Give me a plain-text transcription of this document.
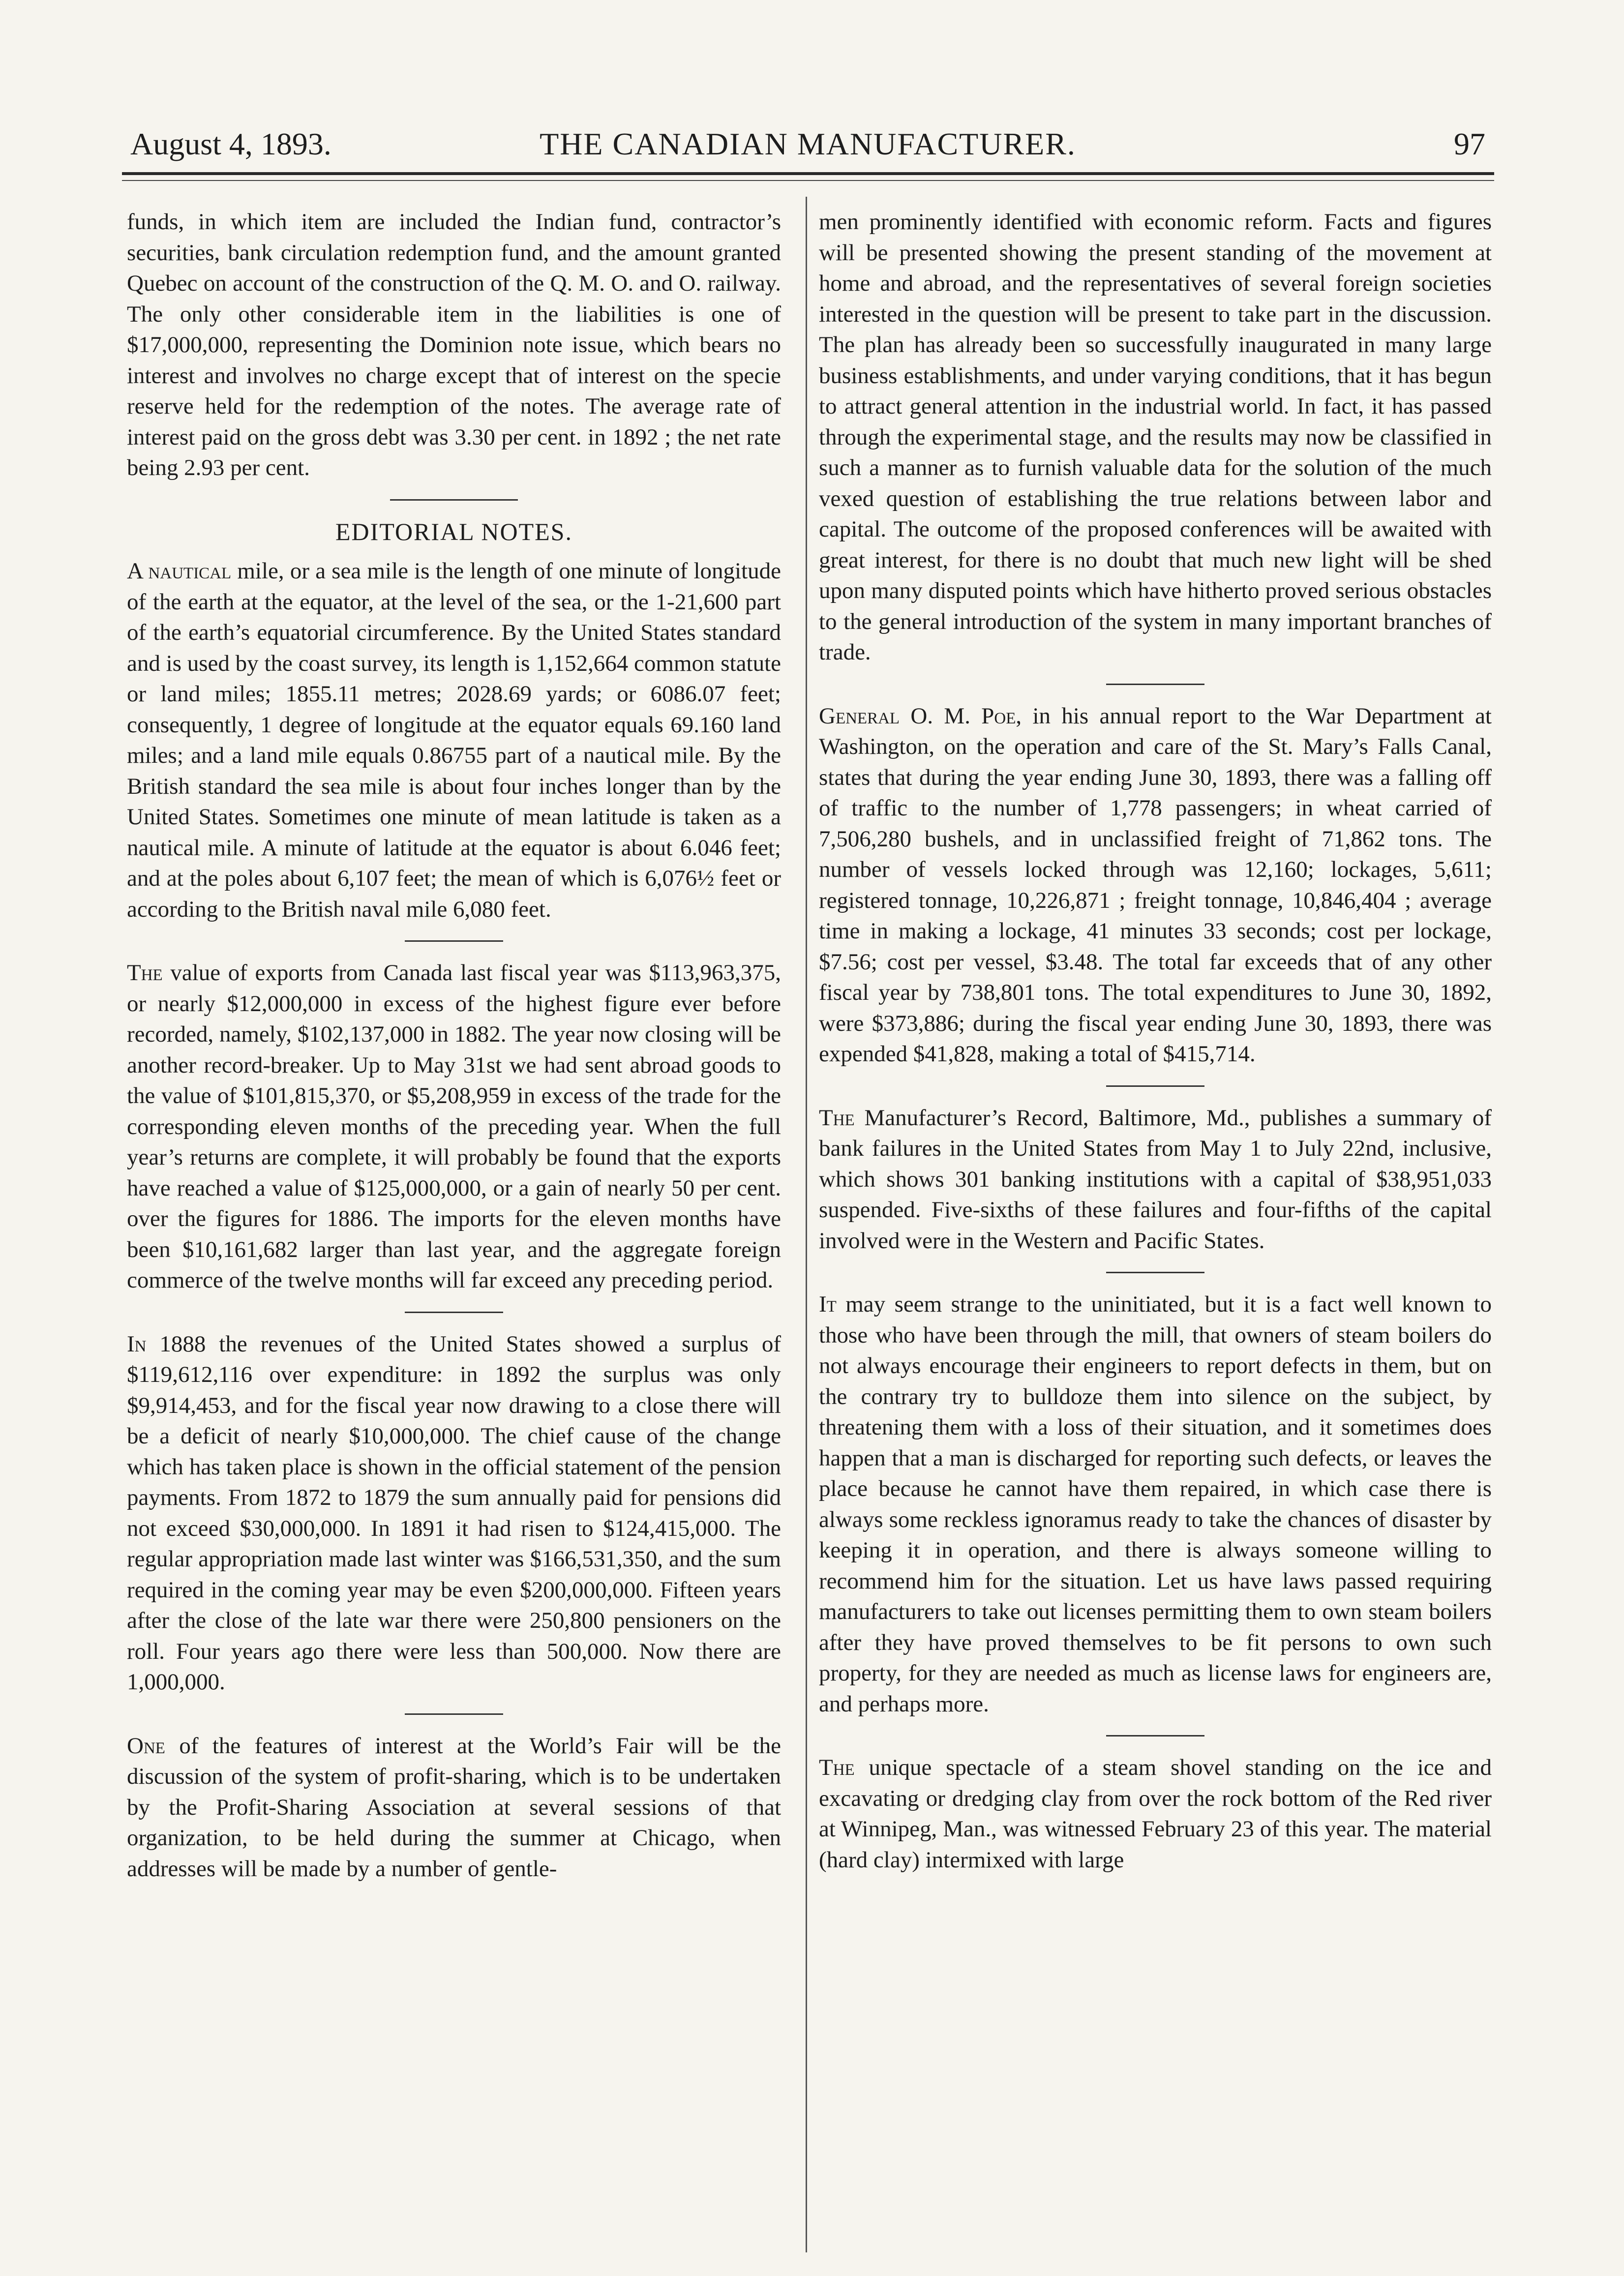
August 4, 1893.	THE CANADIAN MANUFACTURER.	97

funds, in which item are included the Indian fund, contractor’s securities, bank circulation redemption fund, and the amount granted Quebec on account of the construction of the Q. M. O. and O. railway. The only other considerable item in the liabilities is one of $17,000,000, representing the Dominion note issue, which bears no interest and involves no charge except that of interest on the specie reserve held for the redemption of the notes. The average rate of interest paid on the gross debt was 3.30 per cent. in 1892 ; the net rate being 2.93 per cent.

EDITORIAL NOTES.

A nautical mile, or a sea mile is the length of one minute of longitude of the earth at the equator, at the level of the sea, or the 1-21,600 part of the earth’s equatorial circumference. By the United States standard and is used by the coast survey, its length is 1,152,664 common statute or land miles; 1855.11 metres; 2028.69 yards; or 6086.07 feet; consequently, 1 degree of longitude at the equator equals 69.160 land miles; and a land mile equals 0.86755 part of a nautical mile. By the British standard the sea mile is about four inches longer than by the United States. Sometimes one minute of mean latitude is taken as a nautical mile. A minute of latitude at the equator is about 6.046 feet; and at the poles about 6,107 feet; the mean of which is 6,076½ feet or according to the British naval mile 6,080 feet.

The value of exports from Canada last fiscal year was $113,963,375, or nearly $12,000,000 in excess of the highest figure ever before recorded, namely, $102,137,000 in 1882. The year now closing will be another record-breaker. Up to May 31st we had sent abroad goods to the value of $101,815,370, or $5,208,959 in excess of the trade for the corresponding eleven months of the preceding year. When the full year’s returns are complete, it will probably be found that the exports have reached a value of $125,000,000, or a gain of nearly 50 per cent. over the figures for 1886. The imports for the eleven months have been $10,161,682 larger than last year, and the aggregate foreign commerce of the twelve months will far exceed any preceding period.

In 1888 the revenues of the United States showed a surplus of $119,612,116 over expenditure: in 1892 the surplus was only $9,914,453, and for the fiscal year now drawing to a close there will be a deficit of nearly $10,000,000. The chief cause of the change which has taken place is shown in the official statement of the pension payments. From 1872 to 1879 the sum annually paid for pensions did not exceed $30,000,000. In 1891 it had risen to $124,415,000. The regular appropriation made last winter was $166,531,350, and the sum required in the coming year may be even $200,000,000. Fifteen years after the close of the late war there were 250,800 pensioners on the roll. Four years ago there were less than 500,000. Now there are 1,000,000.

One of the features of interest at the World’s Fair will be the discussion of the system of profit-sharing, which is to be undertaken by the Profit-Sharing Association at several sessions of that organization, to be held during the summer at Chicago, when addresses will be made by a number of gentle-

men prominently identified with economic reform. Facts and figures will be presented showing the present standing of the movement at home and abroad, and the representatives of several foreign societies interested in the question will be present to take part in the discussion. The plan has already been so successfully inaugurated in many large business establishments, and under varying conditions, that it has begun to attract general attention in the industrial world. In fact, it has passed through the experimental stage, and the results may now be classified in such a manner as to furnish valuable data for the solution of the much vexed question of establishing the true relations between labor and capital. The outcome of the proposed conferences will be awaited with great interest, for there is no doubt that much new light will be shed upon many disputed points which have hitherto proved serious obstacles to the general introduction of the system in many important branches of trade.

General O. M. Poe, in his annual report to the War Department at Washington, on the operation and care of the St. Mary’s Falls Canal, states that during the year ending June 30, 1893, there was a falling off of traffic to the number of 1,778 passengers; in wheat carried of 7,506,280 bushels, and in unclassified freight of 71,862 tons. The number of vessels locked through was 12,160; lockages, 5,611; registered tonnage, 10,226,871 ; freight tonnage, 10,846,404 ; average time in making a lockage, 41 minutes 33 seconds; cost per lockage, $7.56; cost per vessel, $3.48. The total far exceeds that of any other fiscal year by 738,801 tons. The total expenditures to June 30, 1892, were $373,886; during the fiscal year ending June 30, 1893, there was expended $41,828, making a total of $415,714.

The Manufacturer’s Record, Baltimore, Md., publishes a summary of bank failures in the United States from May 1 to July 22nd, inclusive, which shows 301 banking institutions with a capital of $38,951,033 suspended. Five-sixths of these failures and four-fifths of the capital involved were in the Western and Pacific States.

It may seem strange to the uninitiated, but it is a fact well known to those who have been through the mill, that owners of steam boilers do not always encourage their engineers to report defects in them, but on the contrary try to bulldoze them into silence on the subject, by threatening them with a loss of their situation, and it sometimes does happen that a man is discharged for reporting such defects, or leaves the place because he cannot have them repaired, in which case there is always some reckless ignoramus ready to take the chances of disaster by keeping it in operation, and there is always someone willing to recommend him for the situation. Let us have laws passed requiring manufacturers to take out licenses permitting them to own steam boilers after they have proved themselves to be fit persons to own such property, for they are needed as much as license laws for engineers are, and perhaps more.

The unique spectacle of a steam shovel standing on the ice and excavating or dredging clay from over the rock bottom of the Red river at Winnipeg, Man., was witnessed February 23 of this year. The material (hard clay) intermixed with large
